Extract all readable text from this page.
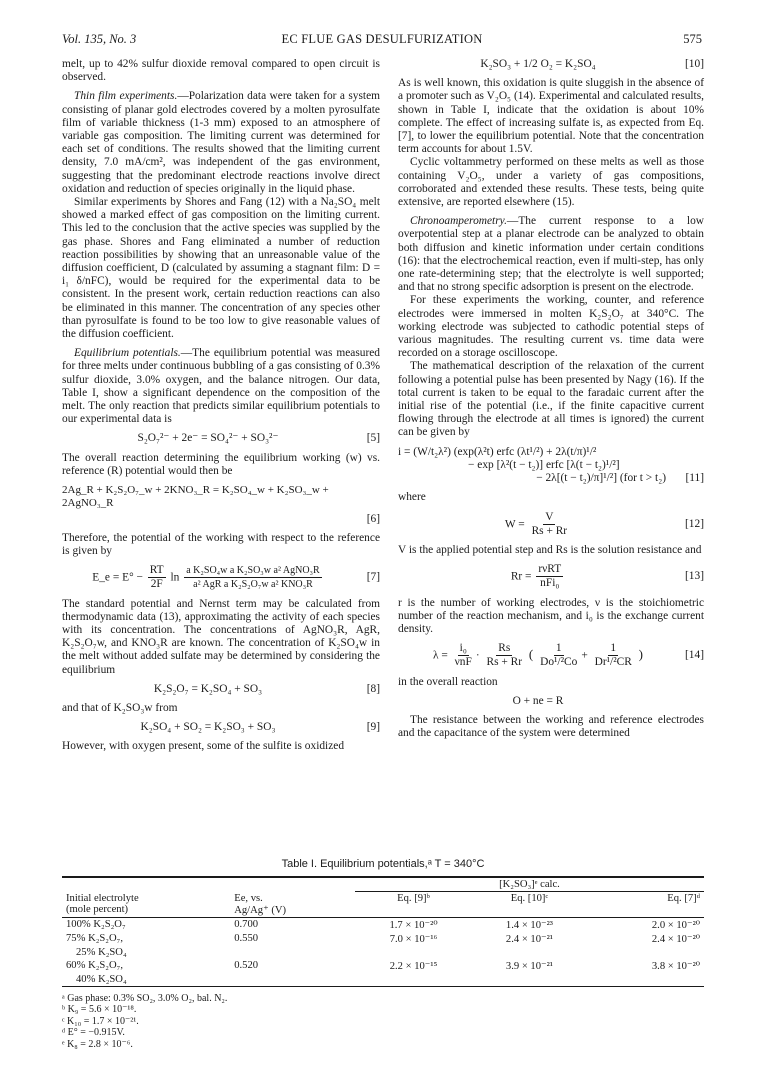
Vol. 135, No. 3	EC FLUE GAS DESULFURIZATION	575

melt, up to 42% sulfur dioxide removal compared to open circuit is observed.

Thin film experiments.—Polarization data were taken for a system consisting of planar gold electrodes covered by a molten pyrosulfate film of variable thickness (1-3 mm) exposed to an atmosphere of variable gas composition. The limiting current was determined for each set of conditions. The results showed that the limiting current density, 7.0 mA/cm², was independent of the gas environment, suggesting that the predominant electrode reactions involve direct oxidation and reduction of species originally in the liquid phase.

Similar experiments by Shores and Fang (12) with a Na₂SO₄ melt showed a marked effect of gas composition on the limiting current. This led to the conclusion that the active species was supplied by the gas phase. Shores and Fang eliminated a number of reduction reaction possibilities by showing that an unreasonable value of the diffusion coefficient, D (calculated by assuming a stagnant film: D = i₁ δ/nFC), would be required for the experimental data to be consistent. In the present work, certain reduction reactions can also be eliminated in this manner. The concentration of any species other than pyrosulfate is found to be too low to give reasonable values of the diffusion coefficient.

Equilibrium potentials.—The equilibrium potential was measured for three melts under continuous bubbling of a gas consisting of 0.3% sulfur dioxide, 3.0% oxygen, and the balance nitrogen. Our data, Table I, show a significant dependence on the composition of the melt. The only reaction that predicts similar equilibrium potentials to our experimental data is

S₂O₇²⁻ + 2e⁻ = SO₄²⁻ + SO₃²⁻	[5]

The overall reaction determining the equilibrium working (w) vs. reference (R) potential would then be

2Ag_R + K₂S₂O₇_w + 2KNO₃_R = K₂SO₄_w + K₂SO₃_w + 2AgNO₃_R
[6]

Therefore, the potential of the working with respect to the reference is given by

E_e = $E^\circ - \frac{RT}{2F}$ $\ln \frac{\text{a K₂SO₄w a K₂SO₃w a² AgNO₃R}}{\text{a² AgR a K₂S₂O₇w a² KNO₃R}}$	[7]

The standard potential and Nernst term may be calculated from thermodynamic data (13), approximating the activity of each species with its concentration. The concentrations of AgNO₃R, AgR, K₂S₂O₇w, and KNO₃R are known. The concentration of K₂SO₄w in the melt without added sulfate may be determined by considering the equilibrium

K₂S₂O₇ = K₂SO₄ + SO₃	[8]

and that of K₂SO₃w from

K₂SO₄ + SO₂ = K₂SO₃ + SO₃	[9]

However, with oxygen present, some of the sulfite is oxidized

K₂SO₃ + 1/2 O₂ = K₂SO₄	[10]

As is well known, this oxidation is quite sluggish in the absence of a promoter such as V₂O₅ (14). Experimental and calculated results, shown in Table I, indicate that the oxidation is about 10% complete. The effect of increasing sulfate is, as expected from Eq. [7], to lower the equilibrium potential. Note that the concentration term accounts for about 1.5V.

Cyclic voltammetry performed on these melts as well as those containing V₂O₅, under a variety of gas compositions, corroborated and extended these results. These tests, being quite extensive, are reported elsewhere (15).

Chronoamperometry.—The current response to a low overpotential step at a planar electrode can be analyzed to obtain both diffusion and kinetic information under certain conditions (16): that the electrochemical reaction, even if multi-step, has only one rate-determining step; that the electrolyte is well supported; and that no strong specific adsorption is present on the electrode.

For these experiments the working, counter, and reference electrodes were immersed in molten K₂S₂O₇ at 340°C. The working electrode was subjected to cathodic potential steps of various magnitudes. The resulting current vs. time data were recorded on a storage oscilloscope.

The mathematical description of the relaxation of the current following a potential pulse has been presented by Nagy (16). If the total current is taken to be equal to the faradaic current after the initial rise of the potential (i.e., if the finite capacitive current flowing through the electrode at all times is ignored) the current can be given by

i = (W/t₂λ²) (exp(λ²t) erfc (λt¹/²) + 2λ(t/π)¹/²
− exp [λ²(t − t₂)] erfc [λ(t − t₂)¹/²]
− 2λ[(t − t₂)/π]¹/²] (for t > t₂)	[11]

where

$W = \frac{V}{Rs + Rr}$	[12]

V is the applied potential step and Rs is the solution resistance and

$Rr = \frac{\text{rνRT}}{\text{nFi₀}}$	[13]

r is the number of working electrodes, ν is the stoichiometric number of the reaction mechanism, and i₀ is the exchange current density.

$\lambda = \frac{\text{i₀}}{\text{νnF}} \cdot \frac{Rs}{Rs + Rr}$ ( $\frac{1}{\text{Do¹/²Co}} + \frac{1}{\text{Dr¹/²CR}}$ )	[14]

in the overall reaction

O + ne = R

The resistance between the working and reference electrodes and the capacitance of the system were determined

Table I. Equilibrium potentials,ᵃ T = 340°C
		[K₂SO₃]ᵉ calc.		
Initial electrolyte
(mole percent)	Ee, vs.
Ag/Ag⁺ (V)	Eq. [9]ᵇ	Eq. [10]ᶜ	Eq. [7]ᵈ
100% K₂S₂O₇	0.700	1.7 × 10⁻²⁰	1.4 × 10⁻²³	2.0 × 10⁻²⁰
75% K₂S₂O₇,	0.550	7.0 × 10⁻¹⁶	2.4 × 10⁻²¹	2.4 × 10⁻²⁰
25% K₂SO₄				
60% K₂S₂O₇,	0.520	2.2 × 10⁻¹⁵	3.9 × 10⁻²¹	3.8 × 10⁻²⁰
40% K₂SO₄				
ᵃ Gas phase: 0.3% SO₂, 3.0% O₂, bal. N₂.
ᵇ K₉ = 5.6 × 10⁻¹⁸.
ᶜ K₁₀ = 1.7 × 10⁻²¹.
ᵈ E° = −0.915V.
ᵉ K₈ = 2.8 × 10⁻⁶.
